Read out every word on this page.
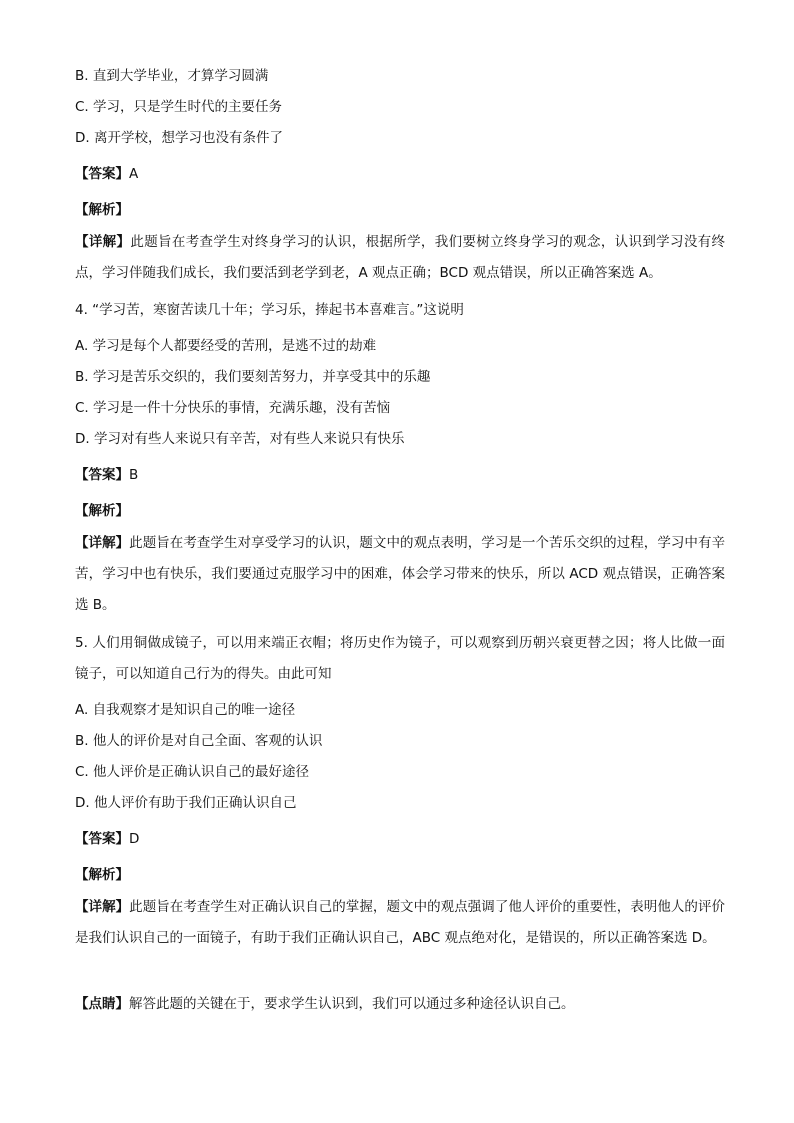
B. 直到大学毕业，才算学习圆满
C. 学习，只是学生时代的主要任务
D. 离开学校，想学习也没有条件了
【答案】A
【解析】
【详解】此题旨在考查学生对终身学习的认识，根据所学，我们要树立终身学习的观念，认识到学习没有终点，学习伴随我们成长，我们要活到老学到老，A 观点正确；BCD 观点错误，所以正确答案选 A。
4. “学习苦，寒窗苦读几十年；学习乐，捧起书本喜难言。”这说明
A. 学习是每个人都要经受的苦刑，是逃不过的劫难
B. 学习是苦乐交织的，我们要刻苦努力，并享受其中的乐趣
C. 学习是一件十分快乐的事情，充满乐趣，没有苦恼
D. 学习对有些人来说只有辛苦，对有些人来说只有快乐
【答案】B
【解析】
【详解】此题旨在考查学生对享受学习的认识，题文中的观点表明，学习是一个苦乐交织的过程，学习中有辛苦，学习中也有快乐，我们要通过克服学习中的困难，体会学习带来的快乐，所以 ACD 观点错误，正确答案选 B。
5. 人们用铜做成镜子，可以用来端正衣帽；将历史作为镜子，可以观察到历朝兴衰更替之因；将人比做一面镜子，可以知道自己行为的得失。由此可知
A. 自我观察才是知识自己的唯一途径
B. 他人的评价是对自己全面、客观的认识
C. 他人评价是正确认识自己的最好途径
D. 他人评价有助于我们正确认识自己
【答案】D
【解析】
【详解】此题旨在考查学生对正确认识自己的掌握，题文中的观点强调了他人评价的重要性，表明他人的评价是我们认识自己的一面镜子，有助于我们正确认识自己，ABC 观点绝对化，是错误的，所以正确答案选 D。
【点睛】解答此题的关键在于，要求学生认识到，我们可以通过多种途径认识自己。
